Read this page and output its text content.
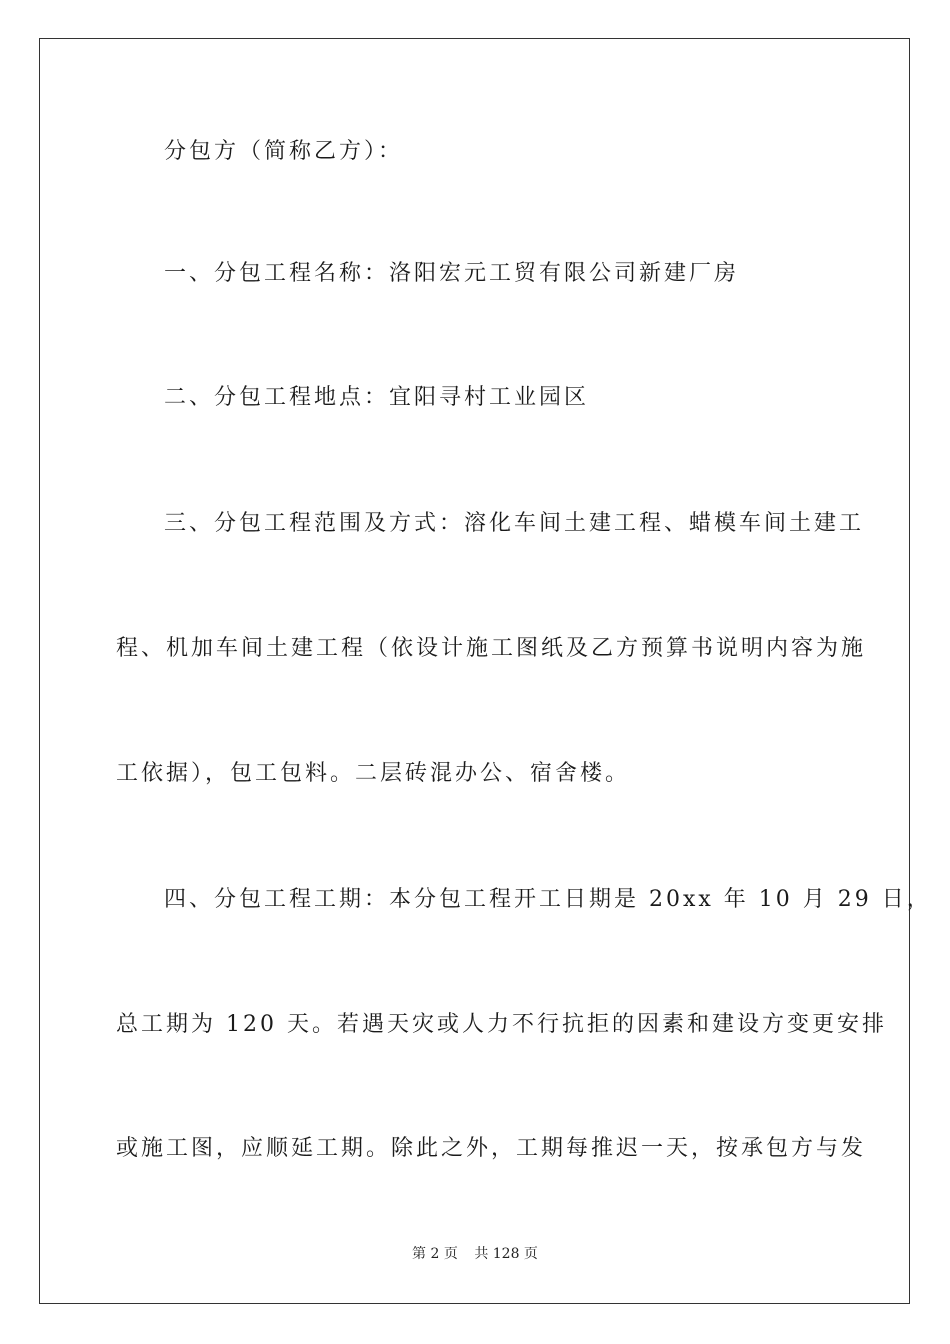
分包方（简称乙方）：
一、分包工程名称：洛阳宏元工贸有限公司新建厂房
二、分包工程地点：宜阳寻村工业园区
三、分包工程范围及方式：溶化车间土建工程、蜡模车间土建工
程、机加车间土建工程（依设计施工图纸及乙方预算书说明内容为施
工依据），包工包料。二层砖混办公、宿舍楼。
四、分包工程工期：本分包工程开工日期是 20xx 年 10 月 29 日，
总工期为 120 天。若遇天灾或人力不行抗拒的因素和建设方变更安排
或施工图，应顺延工期。除此之外，工期每推迟一天，按承包方与发
第 2 页 共 128 页
